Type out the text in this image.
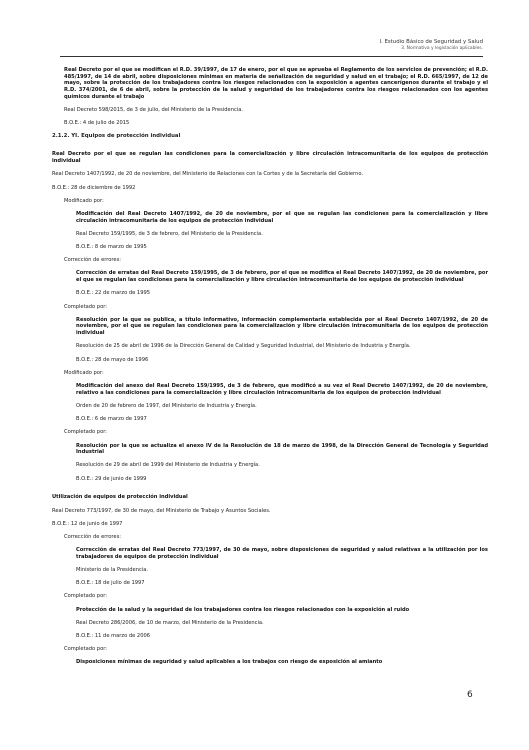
I. Estudio Básico de Seguridad y Salud
3. Normativa y legislación aplicables.

Real Decreto por el que se modifican el R.D. 39/1997, de 17 de enero, por el que se aprueba el Reglamento de los servicios de prevención; el R.D. 485/1997, de 14 de abril, sobre disposiciones mínimas en materia de señalización de seguridad y salud en el trabajo; el R.D. 665/1997, de 12 de mayo, sobre la protección de los trabajadores contra los riesgos relacionados con la exposición a agentes cancerígenos durante el trabajo y el R.D. 374/2001, de 6 de abril, sobre la protección de la salud y seguridad de los trabajadores contra los riesgos relacionados con los agentes químicos durante el trabajo

Real Decreto 598/2015, de 3 de julio, del Ministerio de la Presidencia.

B.O.E.: 4 de julio de 2015

2.1.2. YI. Equipos de protección individual

Real Decreto por el que se regulan las condiciones para la comercialización y libre circulación intracomunitaria de los equipos de protección individual

Real Decreto 1407/1992, de 20 de noviembre, del Ministerio de Relaciones con la Cortes y de la Secretaría del Gobierno.

B.O.E.: 28 de diciembre de 1992

Modificado por:

Modificación del Real Decreto 1407/1992, de 20 de noviembre, por el que se regulan las condiciones para la comercialización y libre circulación intracomunitaria de los equipos de protección individual

Real Decreto 159/1995, de 3 de febrero, del Ministerio de la Presidencia.

B.O.E.: 8 de marzo de 1995

Corrección de errores:

Corrección de erratas del Real Decreto 159/1995, de 3 de febrero, por el que se modifica el Real Decreto 1407/1992, de 20 de noviembre, por el que se regulan las condiciones para la comercialización y libre circulación intracomunitaria de los equipos de protección individual

B.O.E.: 22 de marzo de 1995

Completado por:

Resolución por la que se publica, a título informativo, información complementaria establecida por el Real Decreto 1407/1992, de 20 de noviembre, por el que se regulan las condiciones para la comercialización y libre circulación intracomunitaria de los equipos de protección individual

Resolución de 25 de abril de 1996 de la Dirección General de Calidad y Seguridad Industrial, del Ministerio de Industria y Energía.

B.O.E.: 28 de mayo de 1996

Modificado por:

Modificación del anexo del Real Decreto 159/1995, de 3 de febrero, que modificó a su vez el Real Decreto 1407/1992, de 20 de noviembre, relativo a las condiciones para la comercialización y libre circulación intracomunitaria de los equipos de protección individual

Orden de 20 de febrero de 1997, del Ministerio de Industria y Energía.

B.O.E.: 6 de marzo de 1997

Completado por:

Resolución por la que se actualiza el anexo IV de la Resolución de 18 de marzo de 1998, de la Dirección General de Tecnología y Seguridad Industrial

Resolución de 29 de abril de 1999 del Ministerio de Industria y Energía.

B.O.E.: 29 de junio de 1999

Utilización de equipos de protección individual

Real Decreto 773/1997, de 30 de mayo, del Ministerio de Trabajo y Asuntos Sociales.

B.O.E.: 12 de junio de 1997

Corrección de errores:

Corrección de erratas del Real Decreto 773/1997, de 30 de mayo, sobre disposiciones de seguridad y salud relativas a la utilización por los trabajadores de equipos de protección individual

Ministerio de la Presidencia.

B.O.E.: 18 de julio de 1997

Completado por:

Protección de la salud y la seguridad de los trabajadores contra los riesgos relacionados con la exposición al ruido

Real Decreto 286/2006, de 10 de marzo, del Ministerio de la Presidencia.

B.O.E.: 11 de marzo de 2006

Completado por:

Disposiciones mínimas de seguridad y salud aplicables a los trabajos con riesgo de exposición al amianto

6
